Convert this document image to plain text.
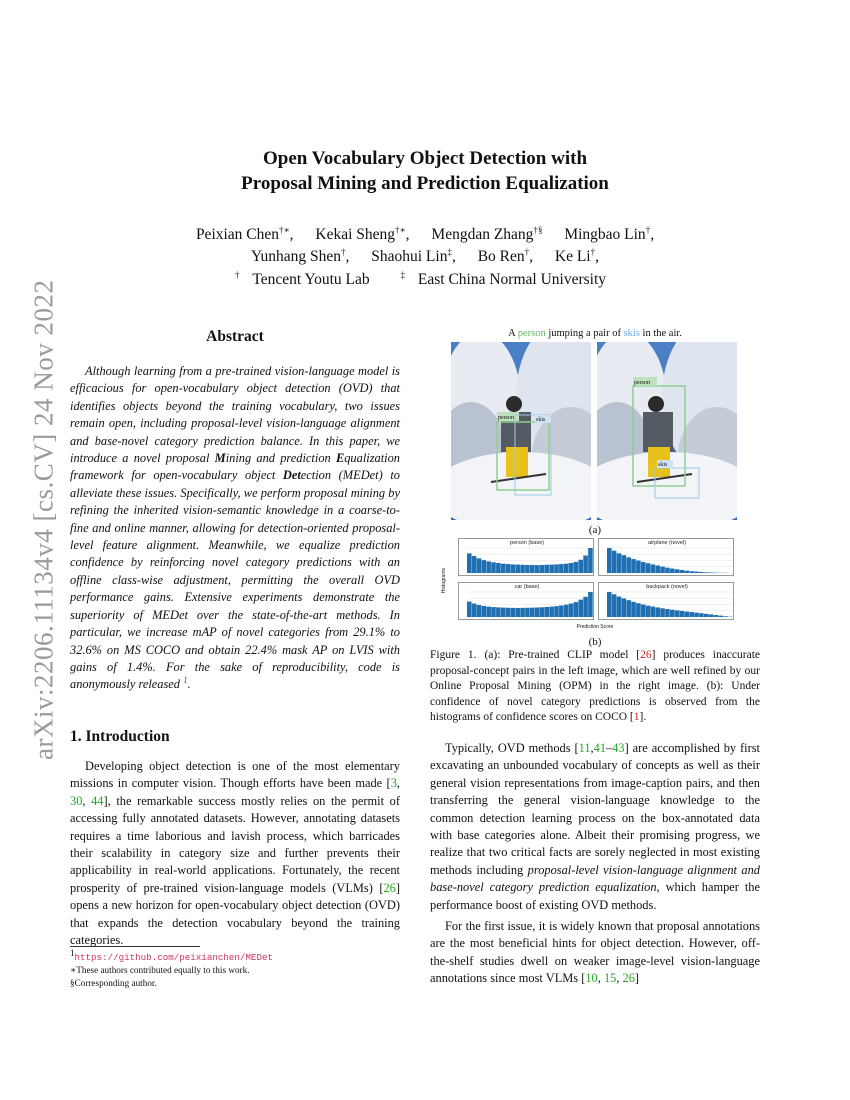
arXiv:2206.11134v4 [cs.CV] 24 Nov 2022
Open Vocabulary Object Detection with
Proposal Mining and Prediction Equalization
Peixian Chen†∗, Kekai Sheng†∗, Mengdan Zhang†§ Mingbao Lin†,
Yunhang Shen†, Shaohui Lin‡, Bo Ren†, Ke Li†,
† Tencent Youtu Lab	‡ East China Normal University
Abstract
Although learning from a pre-trained vision-language model is efficacious for open-vocabulary object detection (OVD) that identifies objects beyond the training vocabulary, two issues remain open, including proposal-level vision-language alignment and base-novel category prediction balance. In this paper, we introduce a novel proposal Mining and prediction Equalization framework for open-vocabulary object Detection (MEDet) to alleviate these issues. Specifically, we perform proposal mining by refining the inherited vision-semantic knowledge in a coarse-to-fine and online manner, allowing for detection-oriented proposal-level feature alignment. Meanwhile, we equalize prediction confidence by reinforcing novel category predictions with an offline class-wise adjustment, permitting the overall OVD performance gains. Extensive experiments demonstrate the superiority of MEDet over the state-of-the-art methods. In particular, we increase mAP of novel categories from 29.1% to 32.6% on MS COCO and obtain 22.4% mask AP on LVIS with gains of 1.4%. For the sake of reproducibility, code is anonymously released $^1$.
1. Introduction
Developing object detection is one of the most elementary missions in computer vision. Though efforts have been made [3, 30, 44], the remarkable success mostly relies on the permit of accessing fully annotated datasets. However, annotating datasets requires a time laborious and lavish process, which barricades their scalability in category size and further prevents their applicability in real-world applications. Fortunately, the recent prosperity of pre-trained vision-language models (VLMs) [26] opens a new horizon for open-vocabulary object detection (OVD) that expands the detection vocabulary beyond the training categories.
$^1$https://github.com/peixianchen/MEDet
∗These authors contributed equally to this work.
§Corresponding author.
A person jumping a pair of skis in the air.
person	skis
person
skis
(a)
Histograms
person (base)	airplane (novel)
car (base)	backpack (novel)
Prediction Score
(b)
Figure 1. (a): Pre-trained CLIP model [26] produces inaccurate proposal-concept pairs in the left image, which are well refined by our Online Proposal Mining (OPM) in the right image. (b): Under confidence of novel category predictions is observed from the histograms of confidence scores on COCO [1].

Typically, OVD methods [11,41–43] are accomplished by first excavating an unbounded vocabulary of concepts as well as their general vision representations from image-caption pairs, and then transferring the general vision-language knowledge to the common detection learning process on the box-annotated data with base categories alone. Albeit their promising progress, we realize that two critical facts are sorely neglected in most existing methods including proposal-level vision-language alignment and base-novel category prediction equalization, which hamper the performance boost of existing OVD methods.

For the first issue, it is widely known that proposal annotations are the most beneficial hints for object detection. However, off-the-shelf studies dwell on weaker image-level vision-language annotations since most VLMs [10, 15, 26]
